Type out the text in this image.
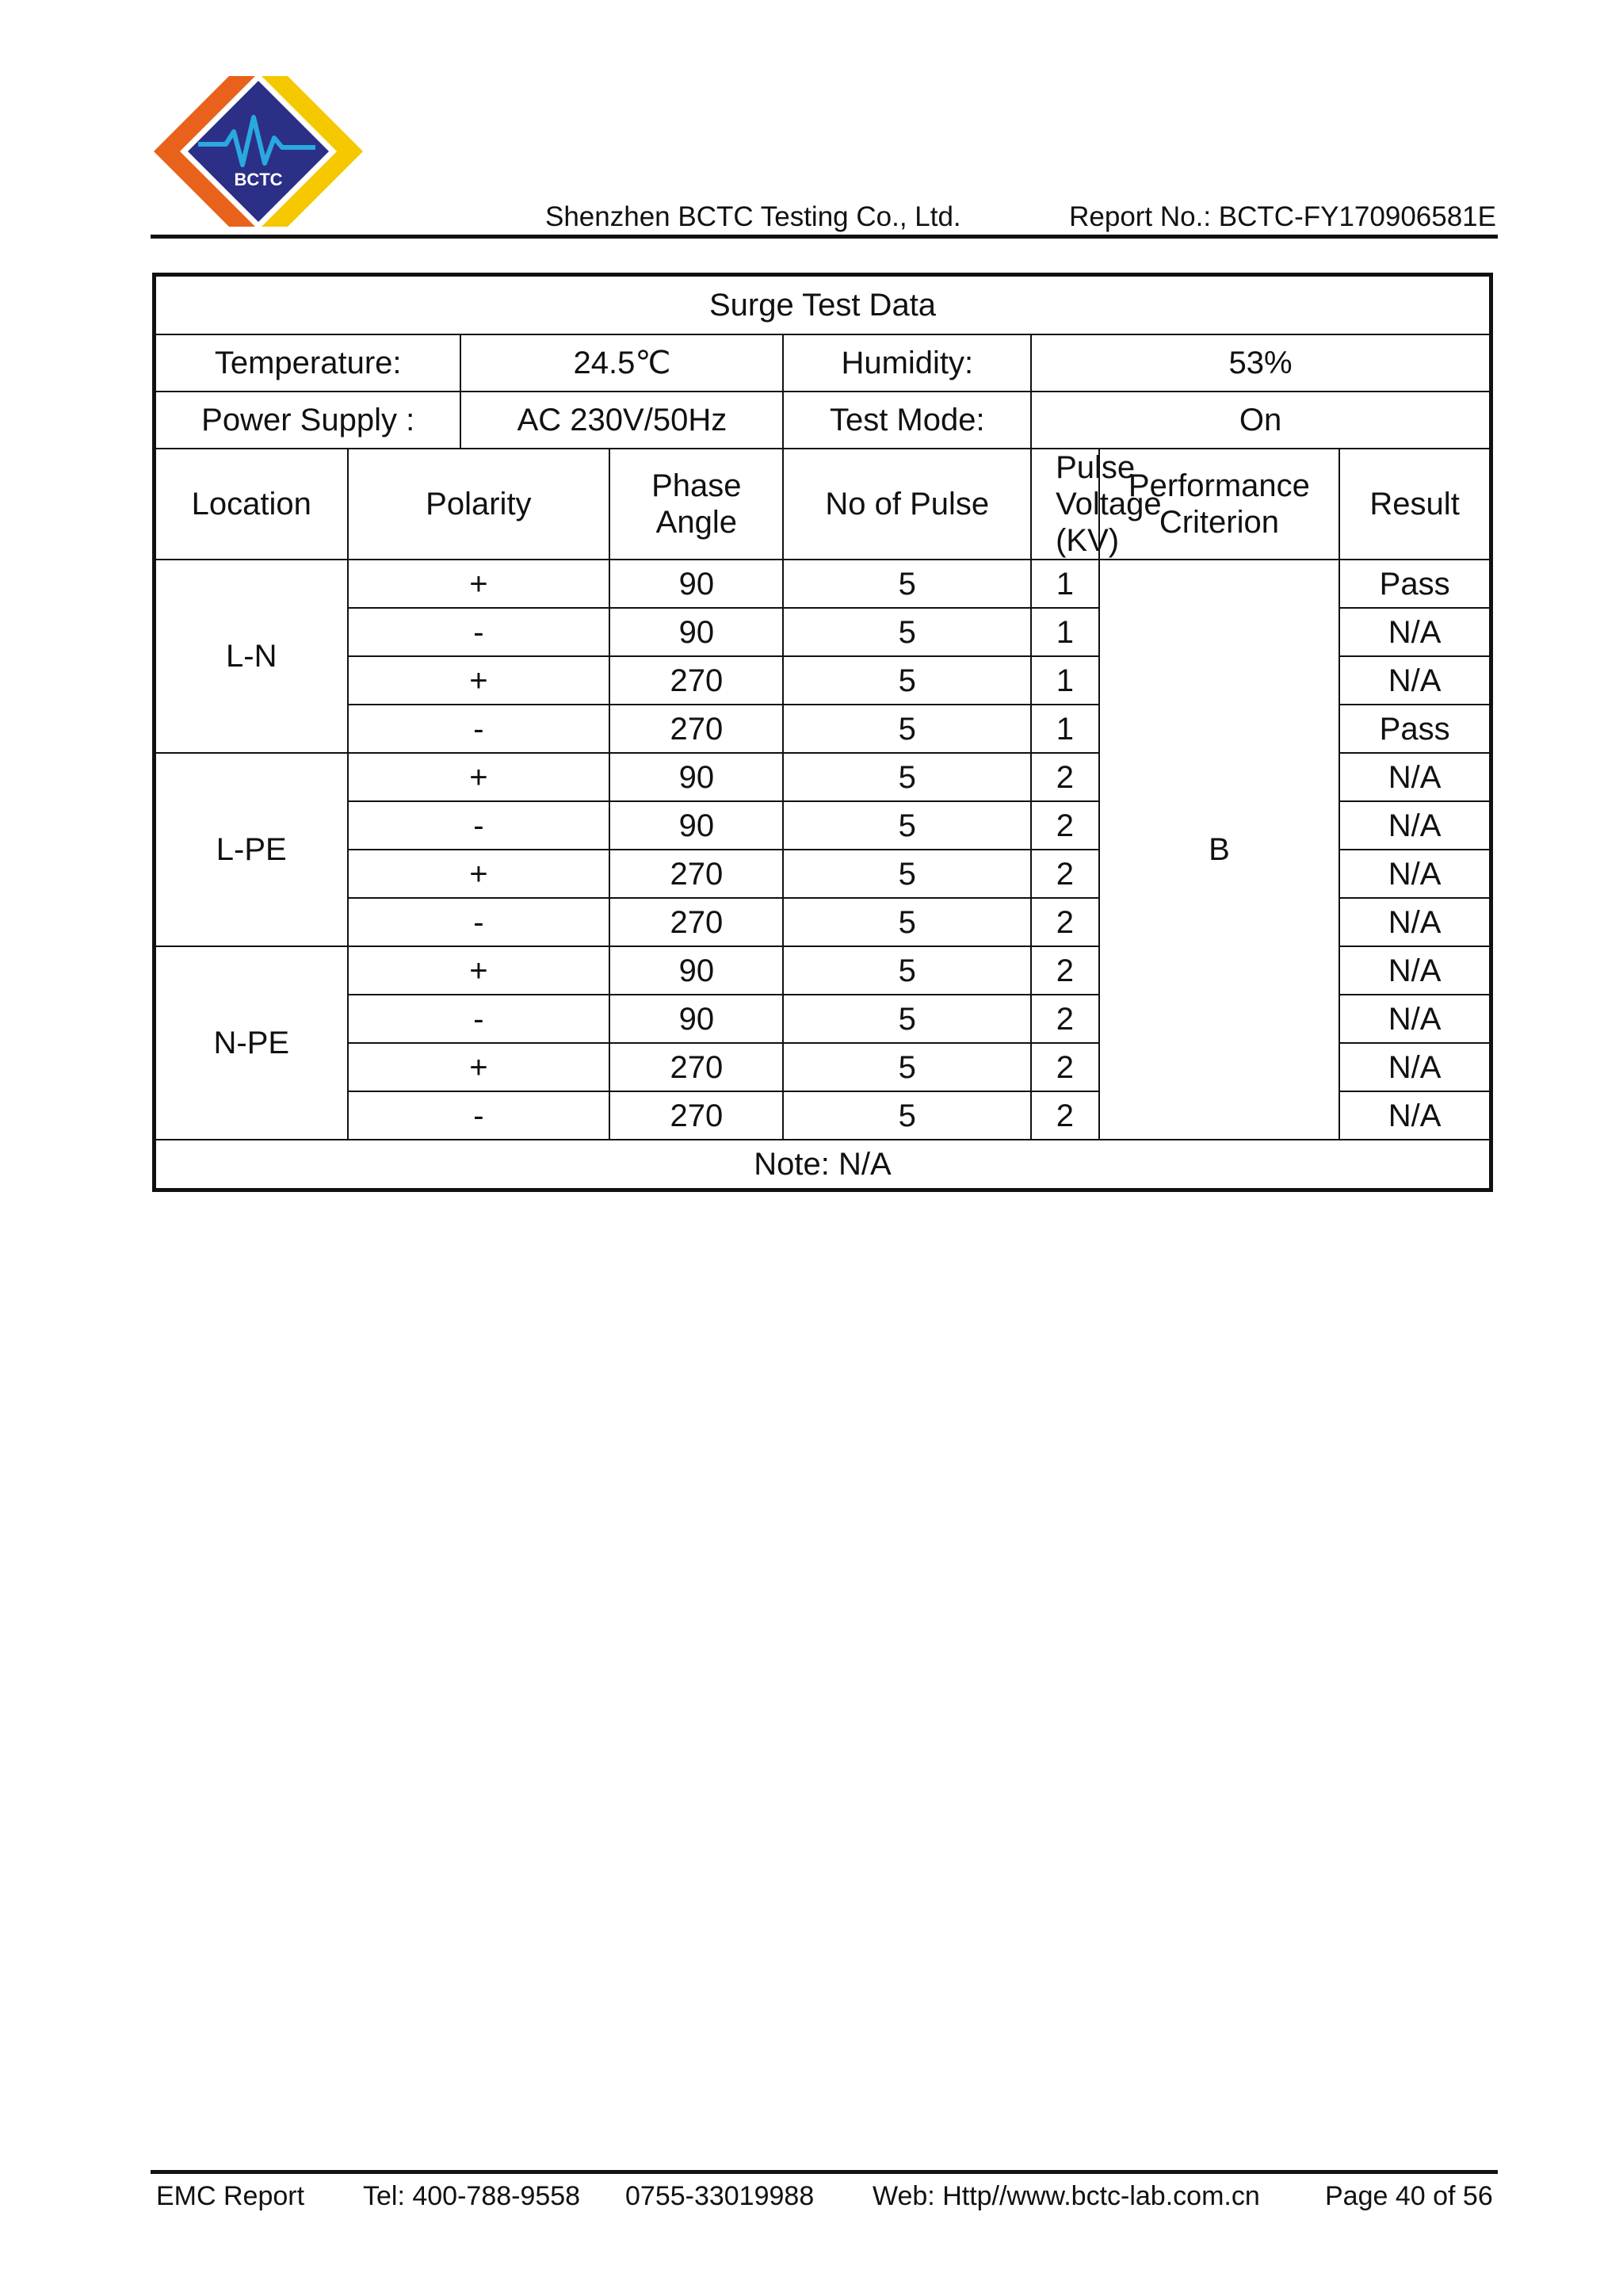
BCTC
Shenzhen BCTC Testing Co., Ltd.	Report No.: BCTC-FY170906581E
Surge Test Data							
Temperature:		24.5℃		Humidity:	53%		
Power Supply :		AC 230V/50Hz		Test Mode:	On		
Location	Polarity		Phase Angle	No of Pulse	Pulse Voltage (KV)	Performance Criterion	Result
L-N	+		90	5	1	B	Pass
	-		90	5	1		N/A
	+		270	5	1		N/A
	-		270	5	1		Pass
L-PE	+		90	5	2		N/A
	-		90	5	2		N/A
	+		270	5	2		N/A
	-		270	5	2		N/A
N-PE	+		90	5	2		N/A
	-		90	5	2		N/A
	+		270	5	2		N/A
	-		270	5	2		N/A
Note: N/A							
EMC Report Tel: 400-788-9558 0755-33019988 Web: Http//www.bctc-lab.com.cn Page 40 of 56
